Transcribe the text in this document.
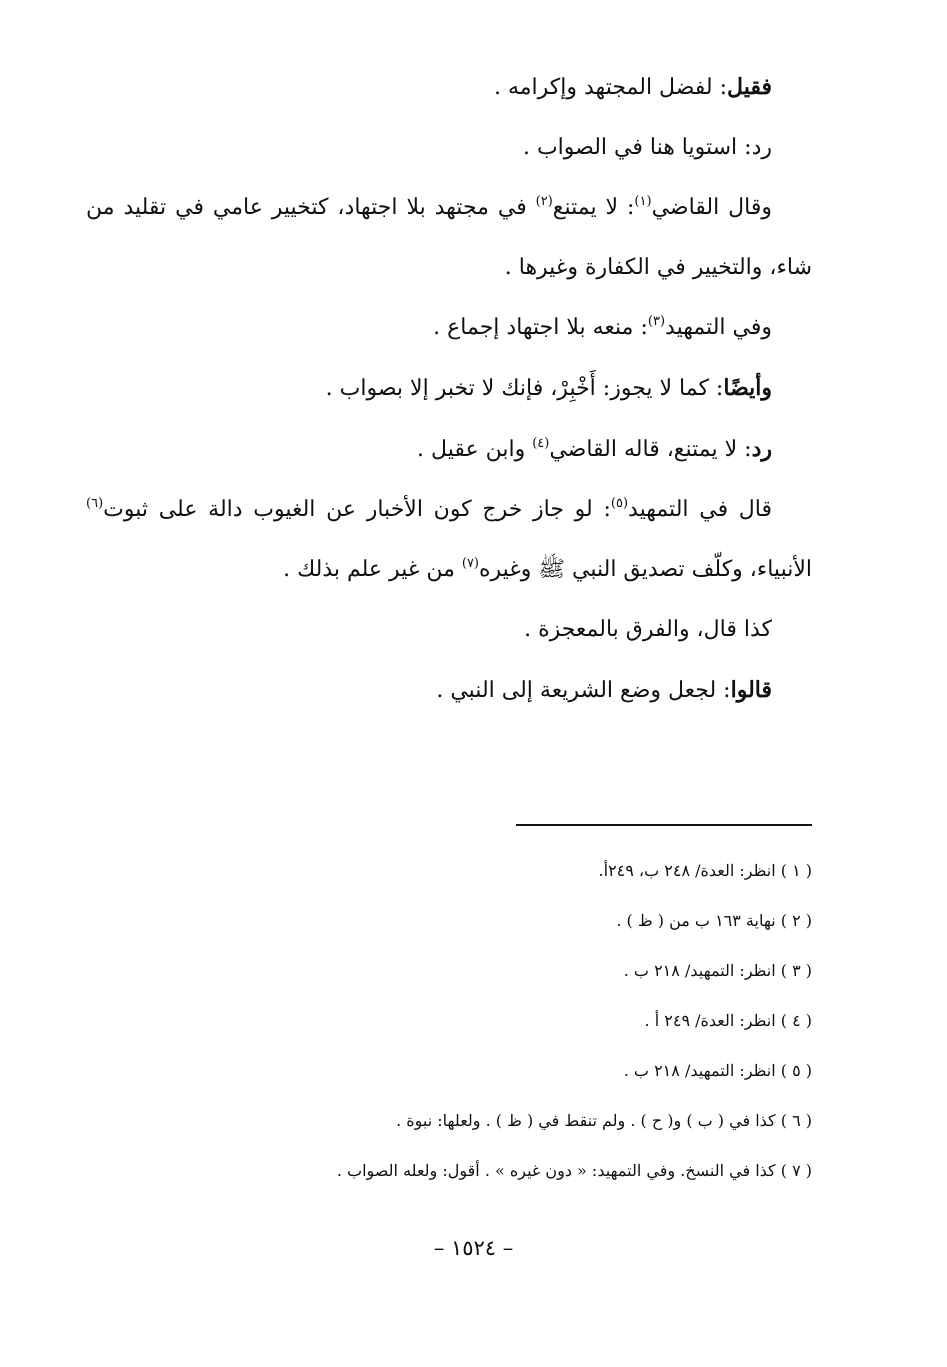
فقيل: لفضل المجتهد وإكرامه .

رد: استويا هنا في الصواب .

وقال القاضي$^{(١)}$: لا يمتنع$^{(٢)}$ في مجتهد بلا اجتهاد، كتخيير عامي في تقليد من شاء، والتخيير في الكفارة وغيرها .

وفي التمهيد$^{(٣)}$: منعه بلا اجتهاد إجماع .

وأيضًا: كما لا يجوز: أَخْبِرْ، فإنك لا تخبر إلا بصواب .

رد: لا يمتنع، قاله القاضي$^{(٤)}$ وابن عقيل .

قال في التمهيد$^{(٥)}$: لو جاز خرج كون الأخبار عن الغيوب دالة على ثبوت$^{(٦)}$ الأنبياء، وكلّف تصديق النبي ﷺ وغيره$^{(٧)}$ من غير علم بذلك .

كذا قال، والفرق بالمعجزة .

قالوا: لجعل وضع الشريعة إلى النبي .

( ١ ) انظر: العدة/ ٢٤٨ ب، ٢٤٩أ.

( ٢ ) نهاية ١٦٣ ب من ( ظ ) .

( ٣ ) انظر: التمهيد/ ٢١٨ ب .

( ٤ ) انظر: العدة/ ٢٤٩ أ .

( ٥ ) انظر: التمهيد/ ٢١٨ ب .

( ٦ ) كذا في ( ب ) و( ح ) . ولم تنقط في ( ظ ) . ولعلها: نبوة .

( ٧ ) كذا في النسخ. وفي التمهيد: « دون غيره » . أقول: ولعله الصواب .

– ١٥٢٤ –
